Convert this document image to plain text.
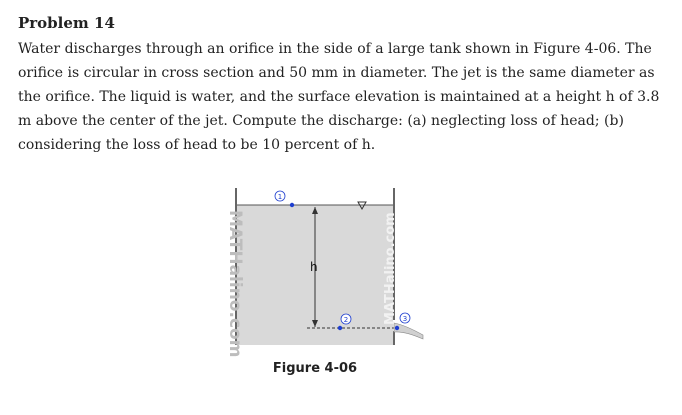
Problem 14

Water discharges through an orifice in the side of a large tank shown in Figure 4-06. The orifice is circular in cross section and 50 mm in diameter. The jet is the same diameter as the orifice. The liquid is water, and the surface elevation is maintained at a height h of 3.8 m above the center of the jet. Compute the discharge: (a) neglecting loss of head; (b) considering the loss of head to be 10 percent of h.

1
2	3
h
MATHalino.com	MATHalino.com
Figure 4-06
